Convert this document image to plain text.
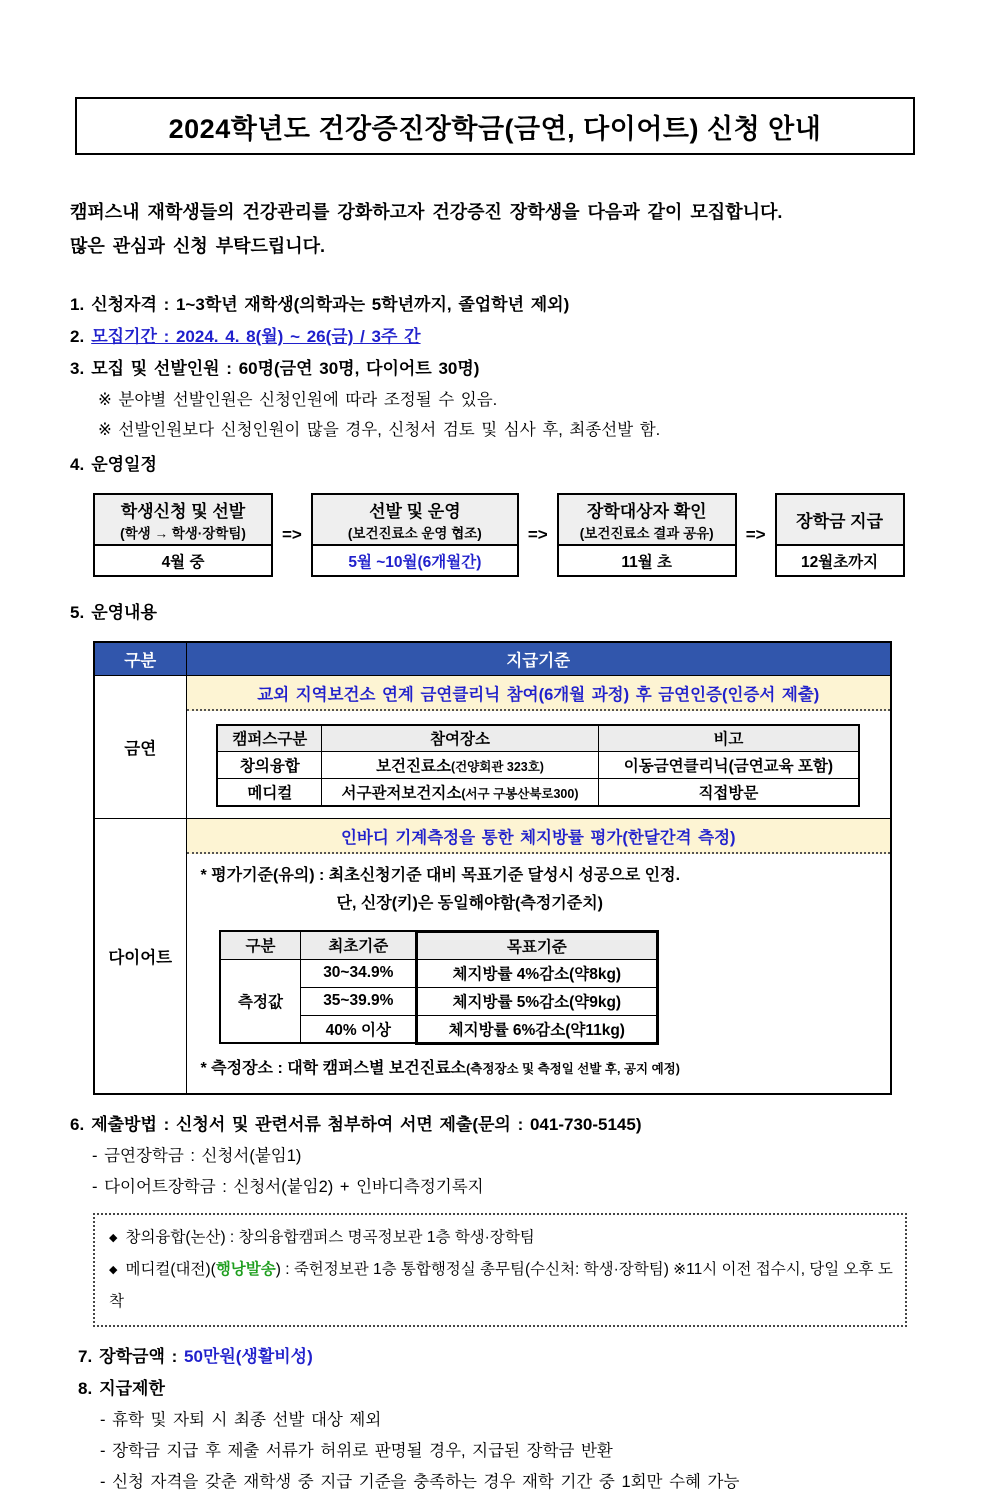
2024학년도 건강증진장학금(금연, 다이어트) 신청 안내
캠퍼스내 재학생들의 건강관리를 강화하고자 건강증진 장학생을 다음과 같이 모집합니다.
많은 관심과 신청 부탁드립니다.
1. 신청자격 : 1~3학년 재학생(의학과는 5학년까지, 졸업학년 제외)
2. 모집기간 : 2024. 4. 8(월) ~ 26(금) / 3주 간
3. 모집 및 선발인원 : 60명(금연 30명, 다이어트 30명)
※ 분야별 선발인원은 신청인원에 따라 조정될 수 있음.
※ 선발인원보다 신청인원이 많을 경우, 신청서 검토 및 심사 후, 최종선발 함.
4. 운영일정
학생신청 및 선발
(학생 → 학생·장학팀)
4월 중
=>
선발 및 운영
(보건진료소 운영 협조)
5월 ~10월(6개월간)
=>
장학대상자 확인
(보건진료소 결과 공유)
11월 초
=>
장학금 지급
12월초까지
5. 운영내용
구분	지급기준
금연	
교외 지역보건소 연계 금연클리닉 참여(6개월 과정) 후 금연인증(인증서 제출)
캠퍼스구분	참여장소	비고
창의융합	보건진료소(건양회관 323호)	이동금연클리닉(금연교육 포함)
메디컬	서구관저보건지소(서구 구봉산북로300)	직접방문

다이어트	
인바디 기계측정을 통한 체지방률 평가(한달간격 측정)
* 평가기준(유의) : 최초신청기준 대비 목표기준 달성시 성공으로 인정.
단, 신장(키)은 동일해야함(측정기준치)
구분	최초기준	목표기준
측정값	30~34.9%	체지방률 4%감소(약8kg)
35~39.9%	체지방률 5%감소(약9kg)
40% 이상	체지방률 6%감소(약11kg)
* 측정장소 : 대학 캠퍼스별 보건진료소(측정장소 및 측정일 선발 후, 공지 예정)
6. 제출방법 : 신청서 및 관련서류 첨부하여 서면 제출(문의 : 041-730-5145)
- 금연장학금 : 신청서(붙임1)
- 다이어트장학금 : 신청서(붙임2) + 인바디측정기록지
◆ 창의융합(논산) : 창의융합캠퍼스 명곡정보관 1층 학생·장학팀
◆ 메디컬(대전)(행낭발송) : 죽헌정보관 1층 통합행정실 총무팀(수신처: 학생·장학팀) ※11시 이전 접수시, 당일 오후 도착
7. 장학금액 : 50만원(생활비성)
8. 지급제한
- 휴학 및 자퇴 시 최종 선발 대상 제외
- 장학금 지급 후 제출 서류가 허위로 판명될 경우, 지급된 장학금 반환
- 신청 자격을 갖춘 재학생 중 지급 기준을 충족하는 경우 재학 기간 중 1회만 수혜 가능
